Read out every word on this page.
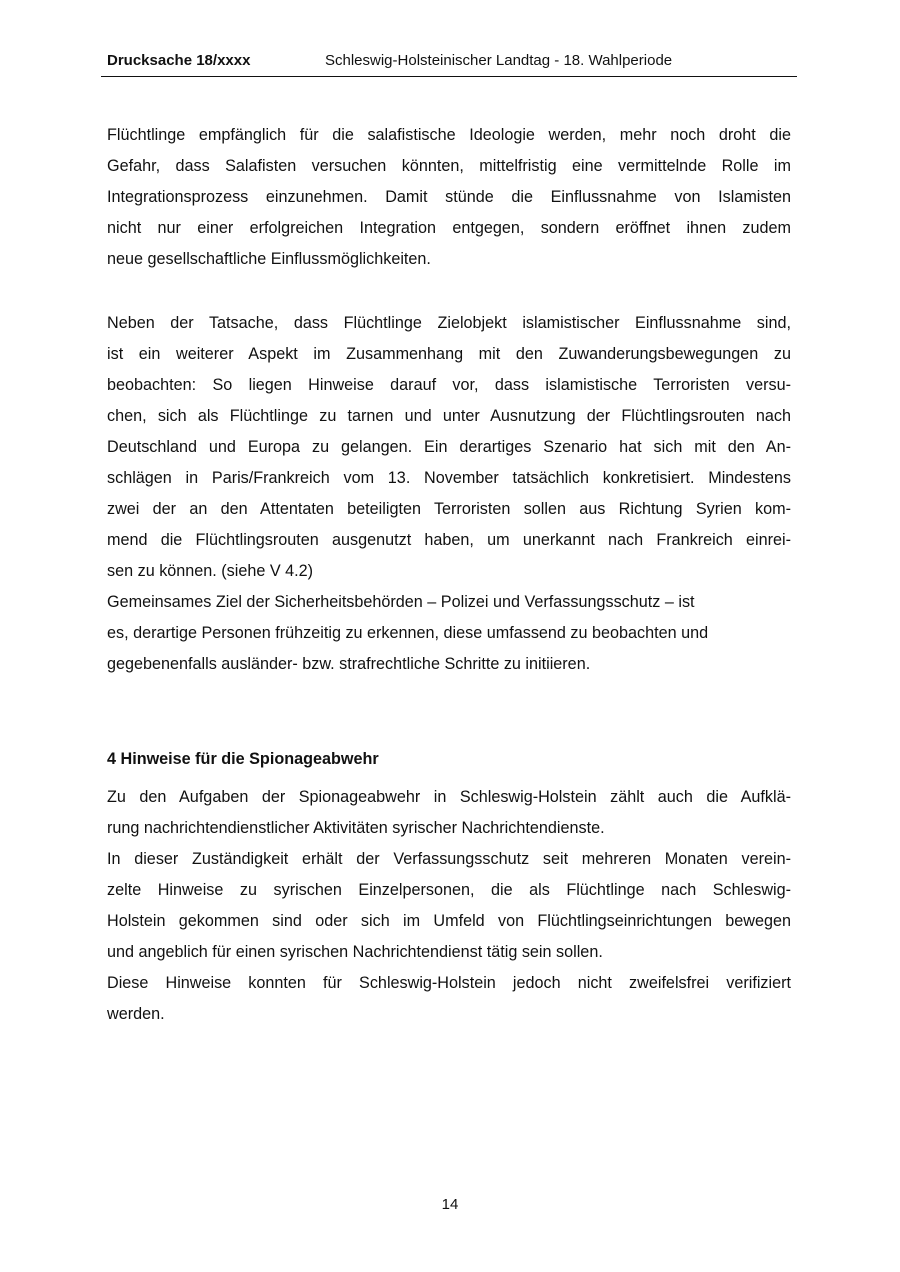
Drucksache 18/xxxx	Schleswig-Holsteinischer Landtag - 18. Wahlperiode
Flüchtlinge empfänglich für die salafistische Ideologie werden, mehr noch droht die
Gefahr, dass Salafisten versuchen könnten, mittelfristig eine vermittelnde Rolle im
Integrationsprozess einzunehmen. Damit stünde die Einflussnahme von Islamisten
nicht nur einer erfolgreichen Integration entgegen, sondern eröffnet ihnen zudem
neue gesellschaftliche Einflussmöglichkeiten.
Neben der Tatsache, dass Flüchtlinge Zielobjekt islamistischer Einflussnahme sind,
ist ein weiterer Aspekt im Zusammenhang mit den Zuwanderungsbewegungen zu
beobachten: So liegen Hinweise darauf vor, dass islamistische Terroristen versu-
chen, sich als Flüchtlinge zu tarnen und unter Ausnutzung der Flüchtlingsrouten nach
Deutschland und Europa zu gelangen. Ein derartiges Szenario hat sich mit den An-
schlägen in Paris/Frankreich vom 13. November tatsächlich konkretisiert. Mindestens
zwei der an den Attentaten beteiligten Terroristen sollen aus Richtung Syrien kom-
mend die Flüchtlingsrouten ausgenutzt haben, um unerkannt nach Frankreich einrei-
sen zu können. (siehe V 4.2)
Gemeinsames Ziel der Sicherheitsbehörden – Polizei und Verfassungsschutz – ist
es, derartige Personen frühzeitig zu erkennen, diese umfassend zu beobachten und
gegebenenfalls ausländer- bzw. strafrechtliche Schritte zu initiieren.
4 Hinweise für die Spionageabwehr
Zu den Aufgaben der Spionageabwehr in Schleswig-Holstein zählt auch die Aufklä-
rung nachrichtendienstlicher Aktivitäten syrischer Nachrichtendienste.
In dieser Zuständigkeit erhält der Verfassungsschutz seit mehreren Monaten verein-
zelte Hinweise zu syrischen Einzelpersonen, die als Flüchtlinge nach Schleswig-
Holstein gekommen sind oder sich im Umfeld von Flüchtlingseinrichtungen bewegen
und angeblich für einen syrischen Nachrichtendienst tätig sein sollen.
Diese Hinweise konnten für Schleswig-Holstein jedoch nicht zweifelsfrei verifiziert
werden.
14
